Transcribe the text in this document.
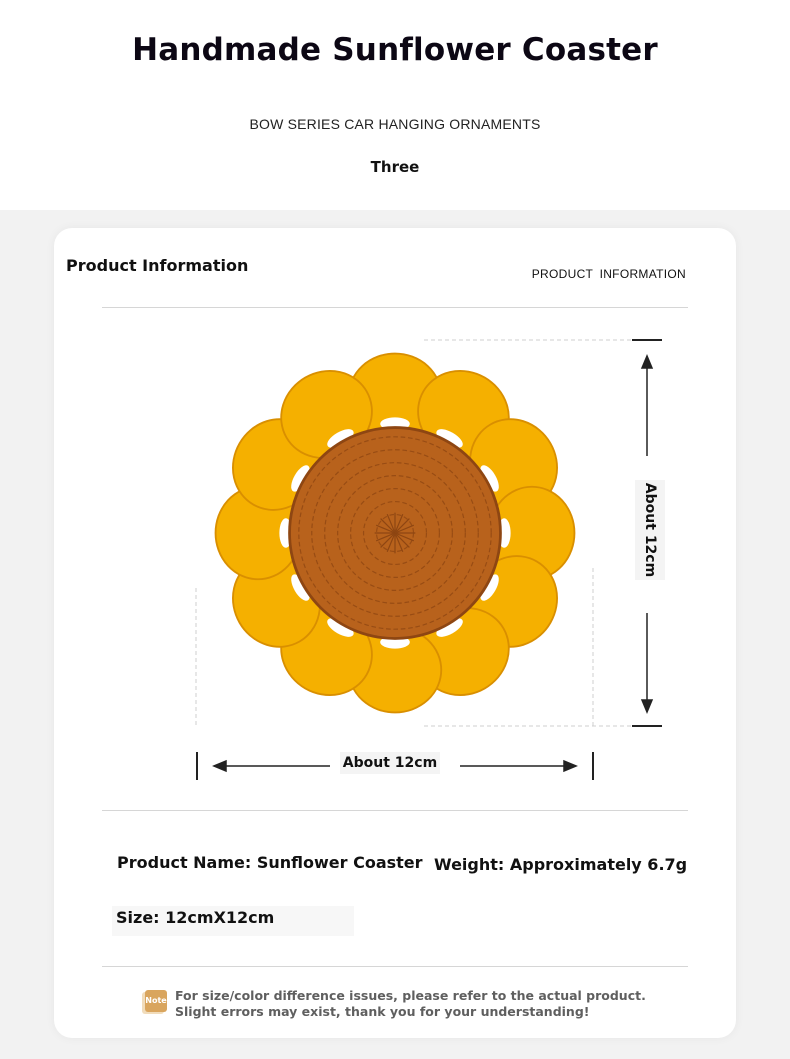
Handmade Sunflower Coaster
BOW SERIES CAR HANGING ORNAMENTS
Three
Product Information	PRODUCT INFORMATION
About 12cm
About 12cm
Product Name: Sunflower Coaster Weight: Approximately 6.7g
Size: 12cmX12cm
Note For size/color difference issues, please refer to the actual product.
Slight errors may exist, thank you for your understanding!
